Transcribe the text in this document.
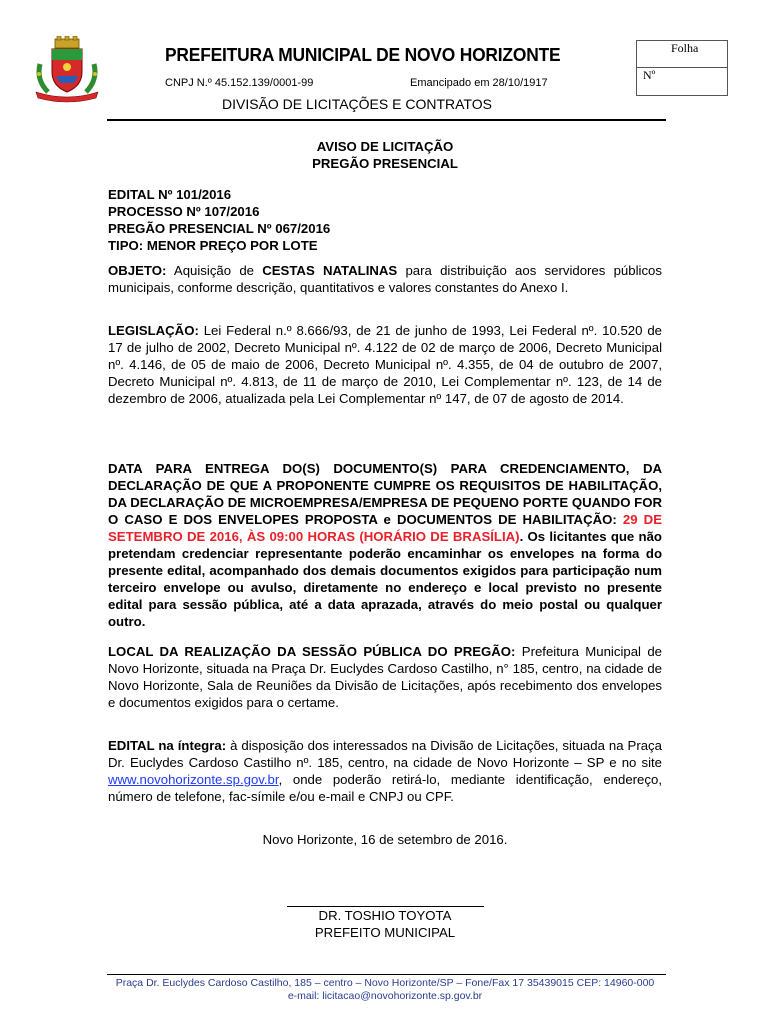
PREFEITURA MUNICIPAL DE NOVO HORIZONTE
CNPJ N.º 45.152.139/0001-99	Emancipado em 28/10/1917
DIVISÃO DE LICITAÇÕES E CONTRATOS
Folha
Nº
AVISO DE LICITAÇÃO
PREGÃO PRESENCIAL
EDITAL Nº 101/2016
PROCESSO Nº 107/2016
PREGÃO PRESENCIAL Nº 067/2016
TIPO: MENOR PREÇO POR LOTE
OBJETO: Aquisição de CESTAS NATALINAS para distribuição aos servidores públicos municipais, conforme descrição, quantitativos e valores constantes do Anexo I.
LEGISLAÇÃO: Lei Federal n.º 8.666/93, de 21 de junho de 1993, Lei Federal nº. 10.520 de 17 de julho de 2002, Decreto Municipal nº. 4.122 de 02 de março de 2006, Decreto Municipal nº. 4.146, de 05 de maio de 2006, Decreto Municipal nº. 4.355, de 04 de outubro de 2007, Decreto Municipal nº. 4.813, de 11 de março de 2010, Lei Complementar nº. 123, de 14 de dezembro de 2006, atualizada pela Lei Complementar nº 147, de 07 de agosto de 2014.
DATA PARA ENTREGA DO(S) DOCUMENTO(S) PARA CREDENCIAMENTO, DA DECLARAÇÃO DE QUE A PROPONENTE CUMPRE OS REQUISITOS DE HABILITAÇÃO, DA DECLARAÇÃO DE MICROEMPRESA/EMPRESA DE PEQUENO PORTE QUANDO FOR O CASO E DOS ENVELOPES PROPOSTA e DOCUMENTOS DE HABILITAÇÃO: 29 DE SETEMBRO DE 2016, ÀS 09:00 HORAS (HORÁRIO DE BRASÍLIA). Os licitantes que não pretendam credenciar representante poderão encaminhar os envelopes na forma do presente edital, acompanhado dos demais documentos exigidos para participação num terceiro envelope ou avulso, diretamente no endereço e local previsto no presente edital para sessão pública, até a data aprazada, através do meio postal ou qualquer outro.
LOCAL DA REALIZAÇÃO DA SESSÃO PÚBLICA DO PREGÃO: Prefeitura Municipal de Novo Horizonte, situada na Praça Dr. Euclydes Cardoso Castilho, n° 185, centro, na cidade de Novo Horizonte, Sala de Reuniões da Divisão de Licitações, após recebimento dos envelopes e documentos exigidos para o certame.
EDITAL na íntegra: à disposição dos interessados na Divisão de Licitações, situada na Praça Dr. Euclydes Cardoso Castilho nº. 185, centro, na cidade de Novo Horizonte – SP e no site www.novohorizonte.sp.gov.br, onde poderão retirá-lo, mediante identificação, endereço, número de telefone, fac-símile e/ou e-mail e CNPJ ou CPF.
Novo Horizonte, 16 de setembro de 2016.
DR. TOSHIO TOYOTA
PREFEITO MUNICIPAL
Praça Dr. Euclydes Cardoso Castilho, 185 – centro – Novo Horizonte/SP – Fone/Fax 17 35439015 CEP: 14960-000
e-mail: licitacao@novohorizonte.sp.gov.br
